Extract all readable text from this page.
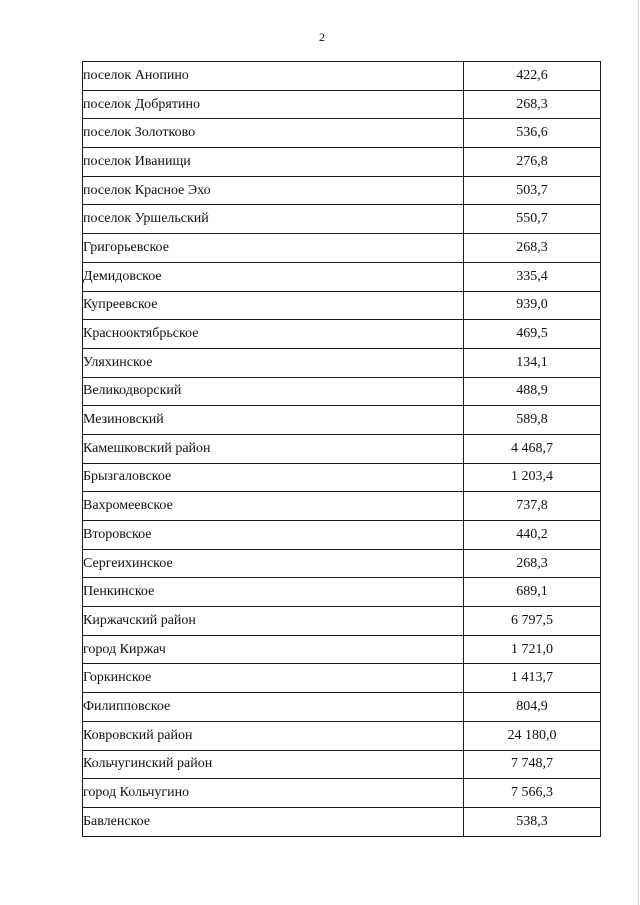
2
поселок Анопино	422,6
поселок Добрятино	268,3
поселок Золотково	536,6
поселок Иванищи	276,8
поселок Красное Эхо	503,7
поселок Уршельский	550,7
Григорьевское	268,3
Демидовское	335,4
Купреевское	939,0
Краснооктябрьское	469,5
Уляхинское	134,1
Великодворский	488,9
Мезиновский	589,8
Камешковский район	4 468,7
Брызгаловское	1 203,4
Вахромеевское	737,8
Второвское	440,2
Сергеихинское	268,3
Пенкинское	689,1
Киржачский район	6 797,5
город Киржач	1 721,0
Горкинское	1 413,7
Филипповское	804,9
Ковровский район	24 180,0
Кольчугинский район	7 748,7
город Кольчугино	7 566,3
Бавленское	538,3
